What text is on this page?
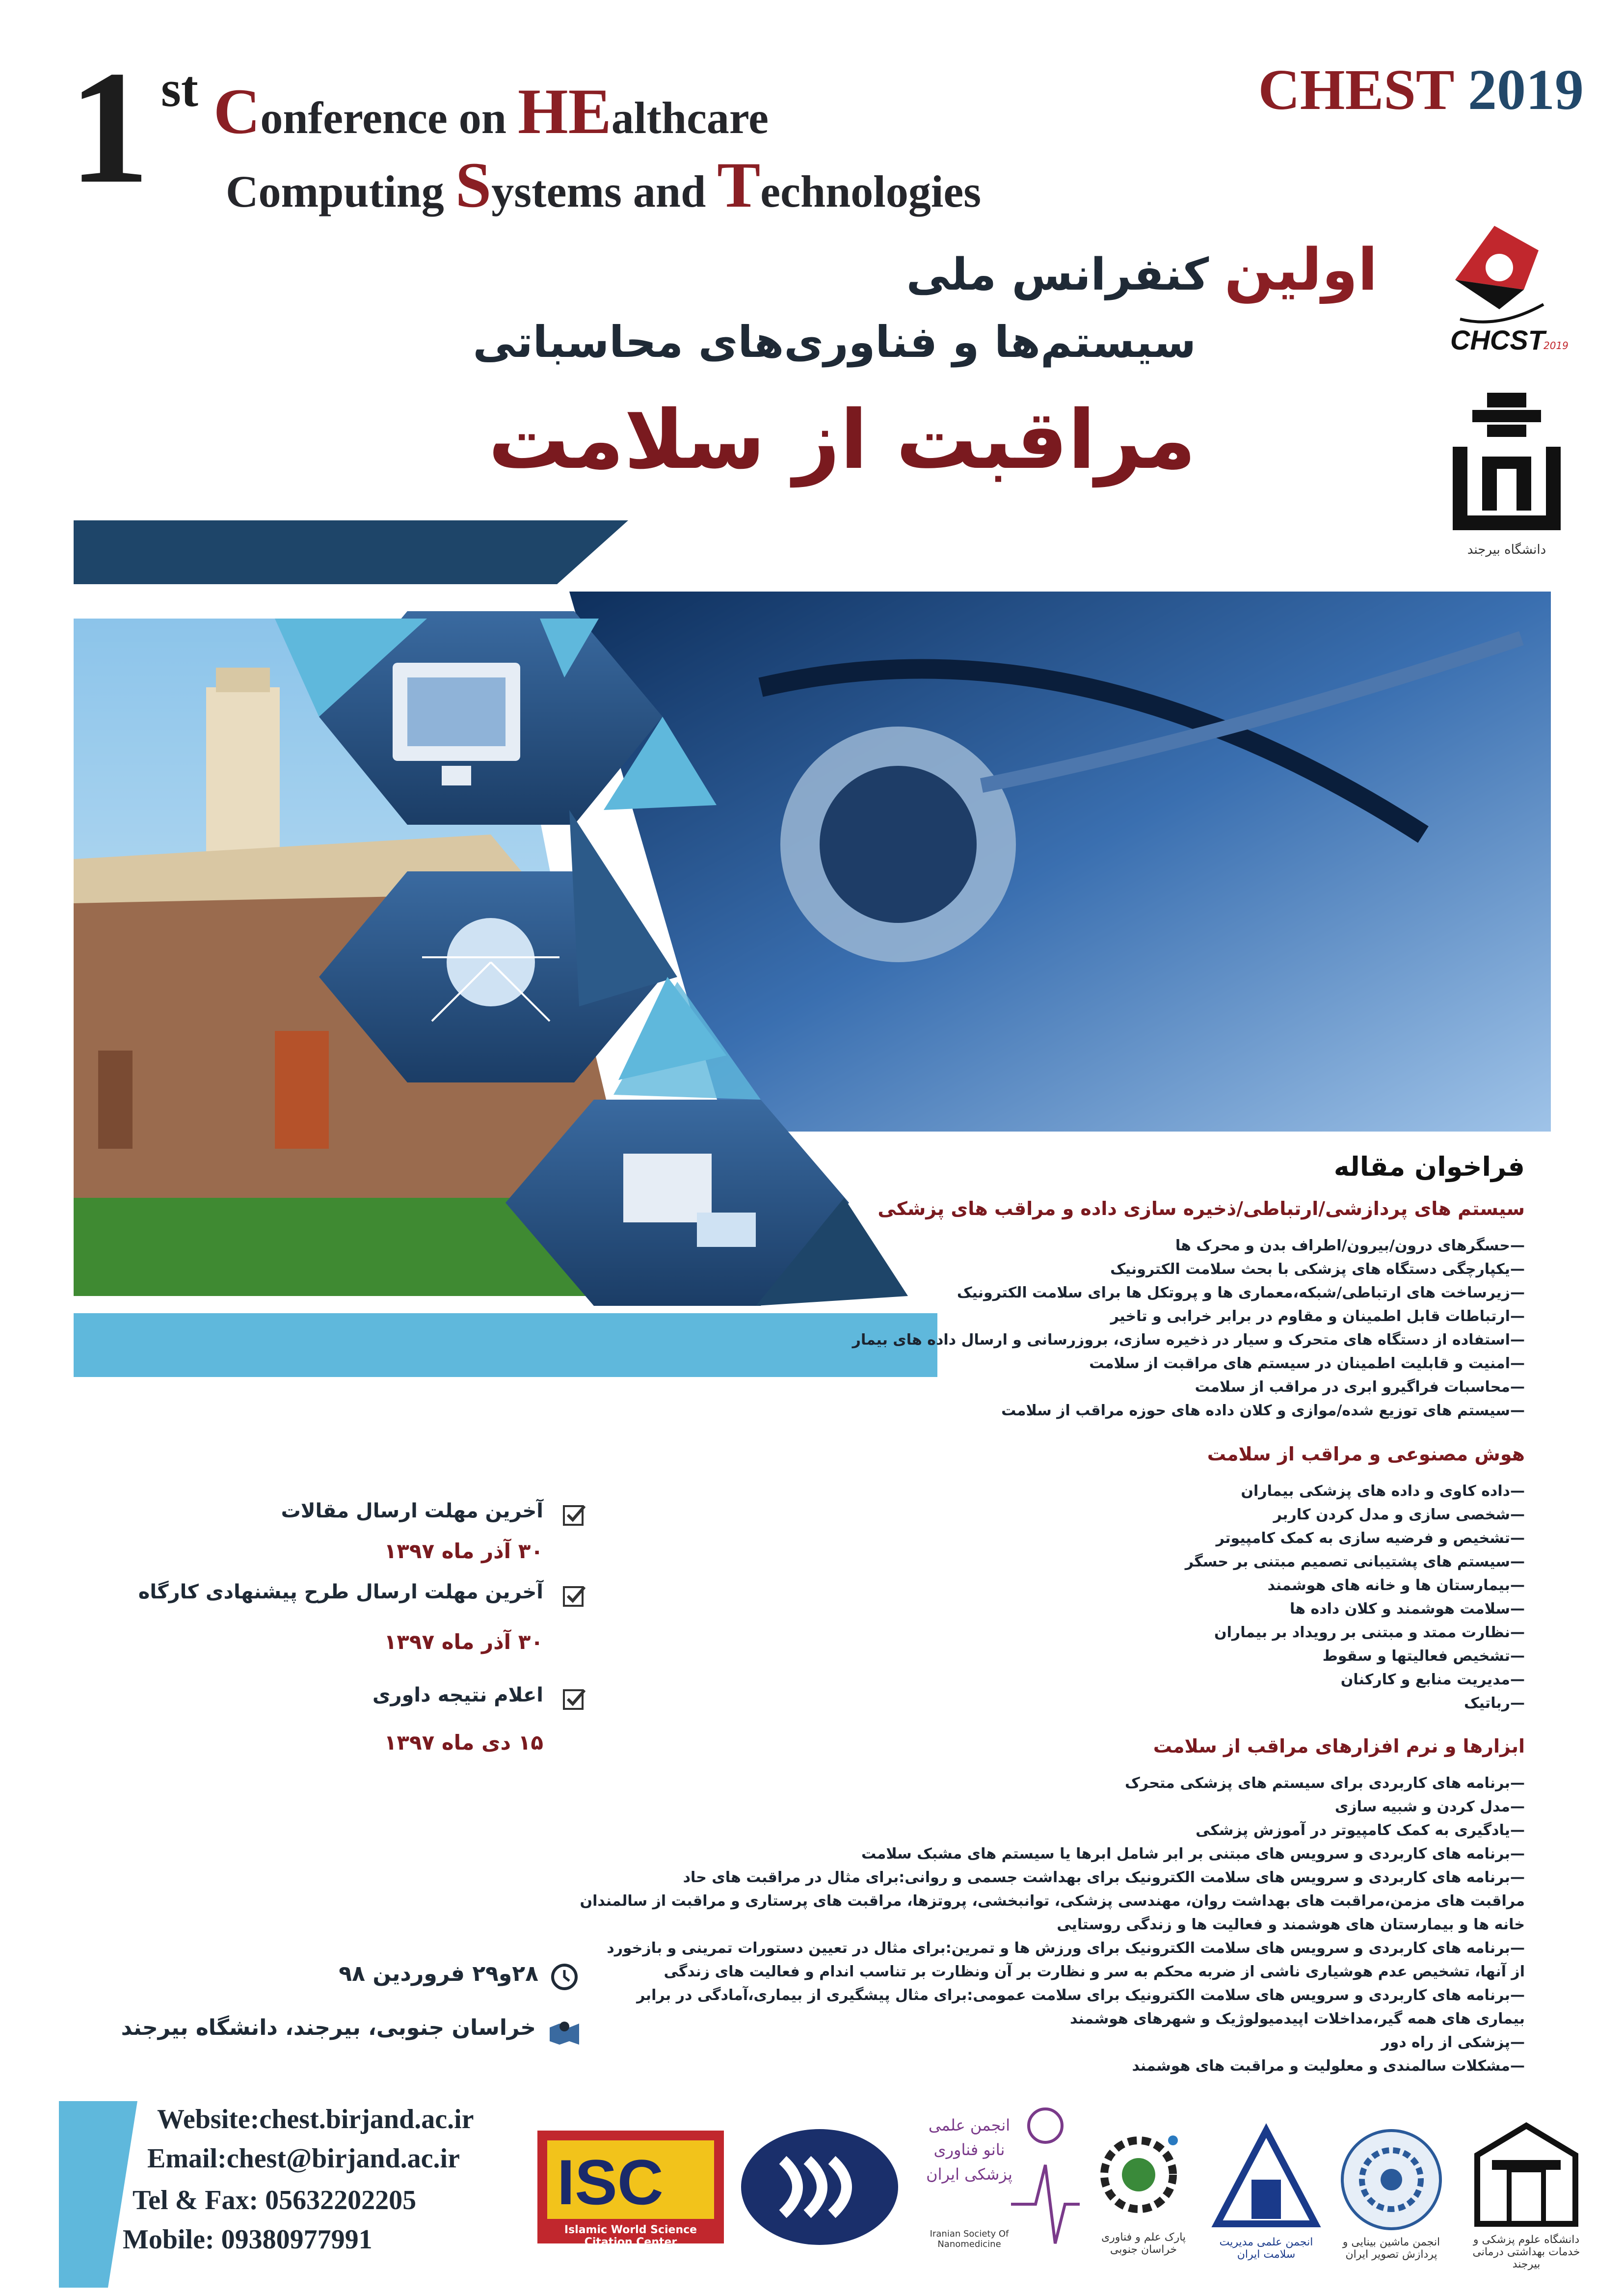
1 st Conference on HEalthcare
Computing Systems and Technologies
CHEST 2019
اولین کنفرانس ملی
سیستم‌ها و فناوری‌های محاسباتی
مراقبت از سلامت
CHCST
2019
دانشگاه بیرجند
فراخوان مقاله
سیستم های پردازشی/ارتباطی/ذخیره سازی داده و مراقب های پزشکی
—حسگرهای درون/بیرون/اطراف بدن و محرک ها
—یکپارچگی دستگاه های پزشکی با بحث سلامت الکترونیک
—زیرساخت های ارتباطی/شبکه،معماری ها و پروتکل ها برای سلامت الکترونیک
—ارتباطات قابل اطمینان و مقاوم در برابر خرابی و تاخیر
—استفاده از دستگاه های متحرک و سیار در ذخیره سازی، بروزرسانی و ارسال داده های بیمار
—امنیت و قابلیت اطمینان در سیستم های مراقبت از سلامت
—محاسبات فراگیرو ابری در مراقب از سلامت
—سیستم های توزیع شده/موازی و کلان داده های حوزه مراقب از سلامت
هوش مصنوعی و مراقب از سلامت
—داده کاوی و داده های پزشکی بیماران
—شخصی سازی و مدل کردن کاربر
—تشخیص و فرضیه سازی به کمک کامپیوتر
—سیستم های پشتیبانی تصمیم مبتنی بر حسگر
—بیمارستان ها و خانه های هوشمند
—سلامت هوشمند و کلان داده ها
—نظارت ممتد و مبتنی بر رویداد بر بیماران
—تشخیص فعالیتها و سقوط
—مدیریت منابع و کارکنان
—رباتیک
ابزارها و نرم افزارهای مراقب از سلامت
—برنامه های کاربردی برای سیستم های پزشکی متحرک
—مدل کردن و شبیه سازی
—یادگیری به کمک کامپیوتر در آموزش پزشکی
—برنامه های کاربردی و سرویس های مبتنی بر ابر شامل ابرها یا سیستم های مشبک سلامت
—برنامه های کاربردی و سرویس های سلامت الکترونیک برای بهداشت جسمی و روانی:برای مثال در مراقبت های حاد
مراقبت های مزمن،مراقبت های بهداشت روان، مهندسی پزشکی، توانبخشی، پروتزها، مراقبت های پرستاری و مراقبت از سالمندان
خانه ها و بیمارستان های هوشمند و فعالیت ها و زندگی روستایی
—برنامه های کاربردی و سرویس های سلامت الکترونیک برای ورزش ها و تمرین:برای مثال در تعیین دستورات تمرینی و بازخورد
از آنها، تشخیص عدم هوشیاری ناشی از ضربه محکم به سر و نظارت بر آن ونظارت بر تناسب اندام و فعالیت های زندگی
—برنامه های کاربردی و سرویس های سلامت الکترونیک برای سلامت عمومی:برای مثال پیشگیری از بیماری،آمادگی در برابر
بیماری های همه گیر،مداخلات اپیدمیولوژیک و شهرهای هوشمند
—پزشکی از راه دور
—مشکلات سالمندی و معلولیت و مراقبت های هوشمند
آخرین مهلت ارسال مقالات
۳۰ آذر ماه ۱۳۹۷
آخرین مهلت ارسال طرح پیشنهادی کارگاه
۳۰ آذر ماه ۱۳۹۷
اعلام نتیجه داوری
۱۵ دی ماه ۱۳۹۷
۲۸و۲۹ فروردین ۹۸
خراسان جنوبی، بیرجند، دانشگاه بیرجند
Website:chest.birjand.ac.ir
Email:chest@birjand.ac.ir
Tel & Fax: 05632202205
Mobile: 09380977991
ISC
Islamic World Science Citation Center
انجمن علمی
نانو فناوری
پزشکی ایران
Iranian Society Of Nanomedicine
پارک علم و فناوری خراسان جنوبی
انجمن علمی مدیریت سلامت ایران
انجمن ماشین بینایی و پردازش تصویر ایران
دانشگاه علوم پزشکی و خدمات بهداشتی درمانی بیرجند
